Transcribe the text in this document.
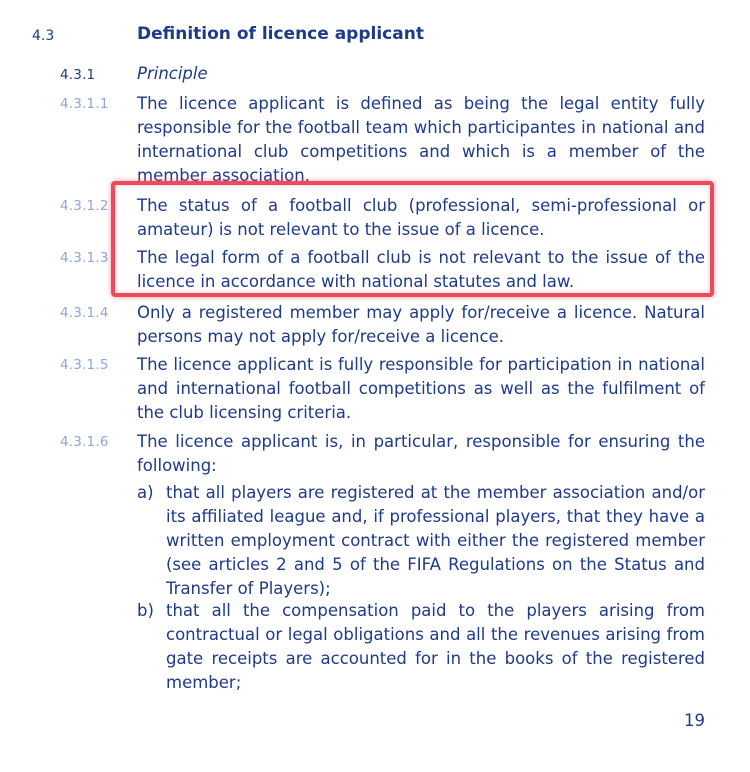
4.3	Definition of licence applicant
4.3.1	Principle
4.3.1.1 The licence applicant is defined as being the legal entity fully responsible for the football team which participantes in national and international club competitions and which is a member of the member association.
4.3.1.2 The status of a football club (professional, semi-professional or amateur) is not relevant to the issue of a licence.
4.3.1.3 The legal form of a football club is not relevant to the issue of the licence in accordance with national statutes and law.
4.3.1.4 Only a registered member may apply for/receive a licence. Natural persons may not apply for/receive a licence.
4.3.1.5 The licence applicant is fully responsible for participation in national and international football competitions as well as the fulfilment of the club licensing criteria.
4.3.1.6 The licence applicant is, in particular, responsible for ensuring the following:
a) that all players are registered at the member association and/or its affiliated league and, if professional players, that they have a written employment contract with either the registered member (see articles 2 and 5 of the FIFA Regulations on the Status and Transfer of Players);
b) that all the compensation paid to the players arising from contractual or legal obligations and all the revenues arising from gate receipts are accounted for in the books of the registered member;
19
